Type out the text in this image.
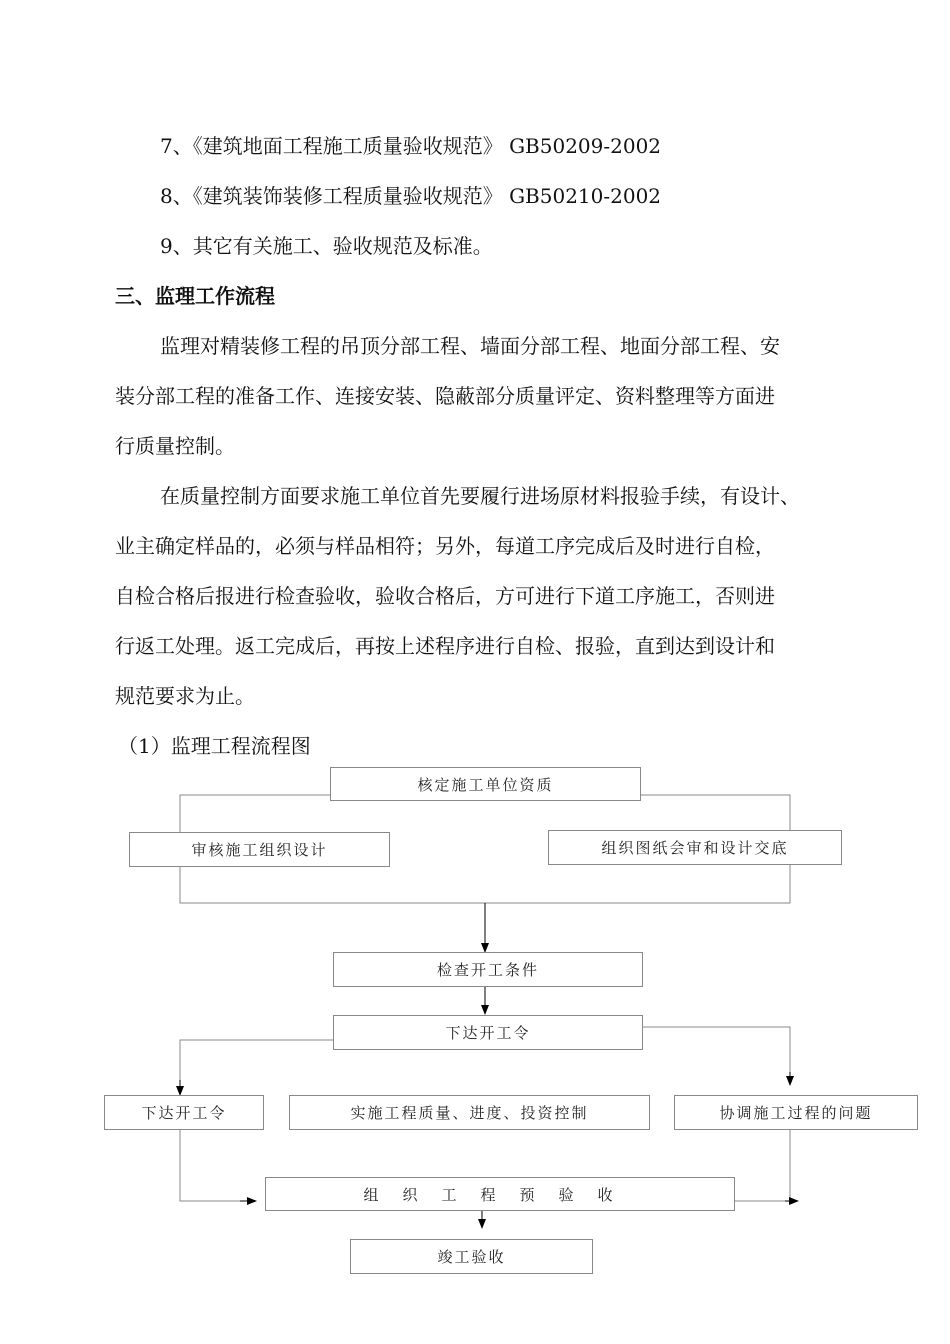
7、《建筑地面工程施工质量验收规范》 GB50209-2002
8、《建筑装饰装修工程质量验收规范》 GB50210-2002
9、其它有关施工、验收规范及标准。
三、监理工作流程
监理对精装修工程的吊顶分部工程、墙面分部工程、地面分部工程、安
装分部工程的准备工作、连接安装、隐蔽部分质量评定、资料整理等方面进
行质量控制。
在质量控制方面要求施工单位首先要履行进场原材料报验手续，有设计、
业主确定样品的，必须与样品相符；另外，每道工序完成后及时进行自检，
自检合格后报进行检查验收，验收合格后，方可进行下道工序施工，否则进
行返工处理。返工完成后，再按上述程序进行自检、报验，直到达到设计和
规范要求为止。
（1）监理工程流程图
核定施工单位资质
审核施工组织设计	组织图纸会审和设计交底
检查开工条件
下达开工令
下达开工令	实施工程质量、进度、投资控制	协调施工过程的问题
组织工程预验收
竣工验收
